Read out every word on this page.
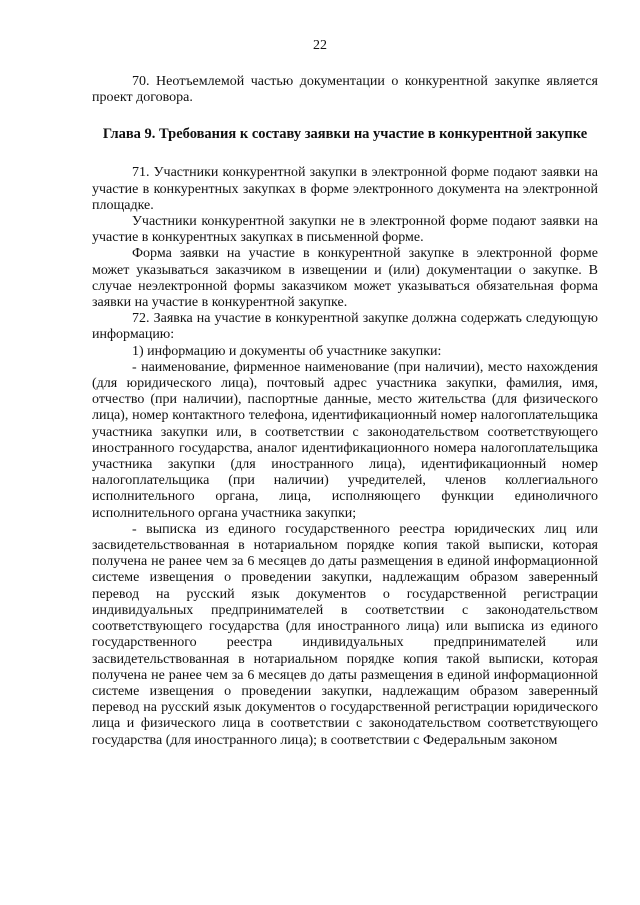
22

70. Неотъемлемой частью документации о конкурентной закупке является проект договора.

Глава 9. Требования к составу заявки на участие в конкурентной закупке

71. Участники конкурентной закупки в электронной форме подают заявки на участие в конкурентных закупках в форме электронного документа на электронной площадке.

Участники конкурентной закупки не в электронной форме подают заявки на участие в конкурентных закупках в письменной форме.

Форма заявки на участие в конкурентной закупке в электронной форме может указываться заказчиком в извещении и (или) документации о закупке. В случае неэлектронной формы заказчиком может указываться обязательная форма заявки на участие в конкурентной закупке.

72. Заявка на участие в конкурентной закупке должна содержать следующую информацию:

1) информацию и документы об участнике закупки:

- наименование, фирменное наименование (при наличии), место нахождения (для юридического лица), почтовый адрес участника закупки, фамилия, имя, отчество (при наличии), паспортные данные, место жительства (для физического лица), номер контактного телефона, идентификационный номер налогоплательщика участника закупки или, в соответствии с законодательством соответствующего иностранного государства, аналог идентификационного номера налогоплательщика участника закупки (для иностранного лица), идентификационный номер налогоплательщика (при наличии) учредителей, членов коллегиального исполнительного органа, лица, исполняющего функции единоличного исполнительного органа участника закупки;

- выписка из единого государственного реестра юридических лиц или засвидетельствованная в нотариальном порядке копия такой выписки, которая получена не ранее чем за 6 месяцев до даты размещения в единой информационной системе извещения о проведении закупки, надлежащим образом заверенный перевод на русский язык документов о государственной регистрации индивидуальных предпринимателей в соответствии с законодательством соответствующего государства (для иностранного лица) или выписка из единого государственного реестра индивидуальных предпринимателей или засвидетельствованная в нотариальном порядке копия такой выписки, которая получена не ранее чем за 6 месяцев до даты размещения в единой информационной системе извещения о проведении закупки, надлежащим образом заверенный перевод на русский язык документов о государственной регистрации юридического лица и физического лица в соответствии с законодательством соответствующего государства (для иностранного лица); в соответствии с Федеральным законом
